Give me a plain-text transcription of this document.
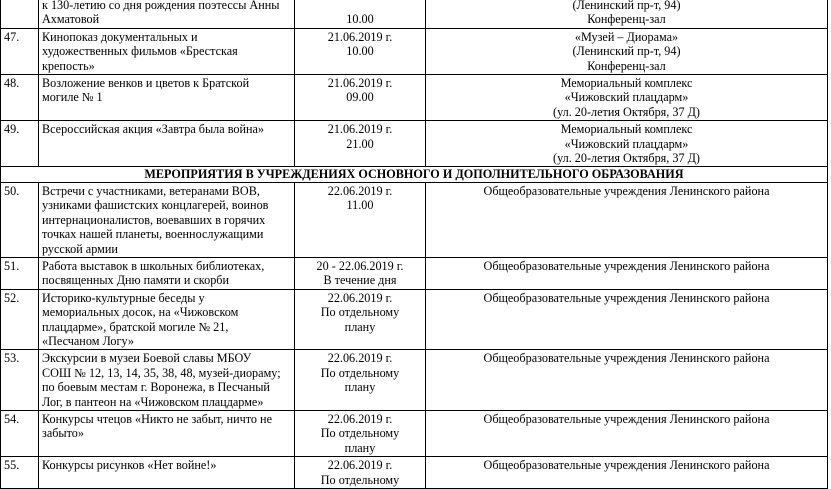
	к 130-летию со дня рождения поэтессы Анны
Ахматовой	10.00	(Ленинский пр-т, 94)
Конференц-зал

47.	Кинопоказ документальных и
художественных фильмов «Брестская
крепость»	21.06.2019 г.
10.00	«Музей – Диорама»
(Ленинский пр-т, 94)
Конференц-зал

48.	Возложение венков и цветов к Братской
могиле № 1	21.06.2019 г.
09.00	Мемориальный комплекс
«Чижовский плацдарм»
(ул. 20-летия Октября, 37 Д)

49.	Всероссийская акция «Завтра была война»	21.06.2019 г.
21.00	Мемориальный комплекс
«Чижовский плацдарм»
(ул. 20-летия Октября, 37 Д)

МЕРОПРИЯТИЯ В УЧРЕЖДЕНИЯХ ОСНОВНОГО И ДОПОЛНИТЕЛЬНОГО ОБРАЗОВАНИЯ			
50.	Встречи с участниками, ветеранами ВОВ,
узниками фашистских концлагерей, воинов
интернационалистов, воевавших в горячих
точках нашей планеты, военнослужащими
русской армии	22.06.2019 г.
11.00	Общеобразовательные учреждения Ленинского района

51.	Работа выставок в школьных библиотеках,
посвященных Дню памяти и скорби	20 - 22.06.2019 г.
В течение дня	Общеобразовательные учреждения Ленинского района

52.	Историко-культурные беседы у
мемориальных досок, на «Чижовском
плацдарме», братской могиле № 21,
«Песчаном Логу»	22.06.2019 г.
По отдельному
плану	Общеобразовательные учреждения Ленинского района

53.	Экскурсии в музеи Боевой славы МБОУ
СОШ № 12, 13, 14, 35, 38, 48, музей-диораму;
по боевым местам г. Воронежа, в Песчаный
Лог, в пантеон на «Чижовском плацдарме»	22.06.2019 г.
По отдельному
плану	Общеобразовательные учреждения Ленинского района

54.	Конкурсы чтецов «Никто не забыт, ничто не
забыто»	22.06.2019 г.
По отдельному
плану	Общеобразовательные учреждения Ленинского района

55.	Конкурсы рисунков «Нет войне!»	22.06.2019 г.
По отдельному	Общеобразовательные учреждения Ленинского района
